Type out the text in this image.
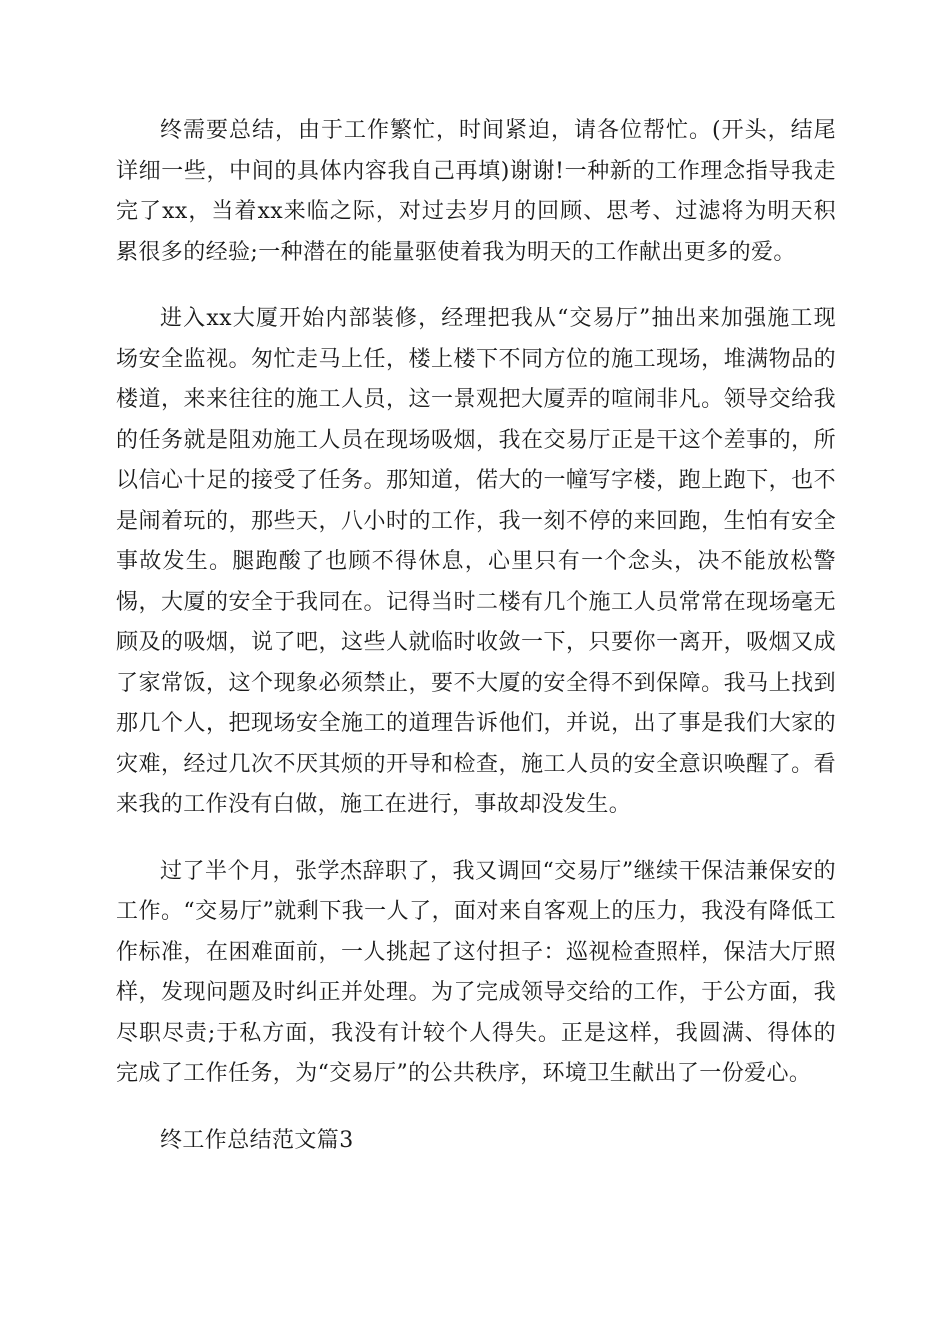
终需要总结，由于工作繁忙，时间紧迫，请各位帮忙。(开头，结尾详细一些，中间的具体内容我自己再填)谢谢!一种新的工作理念指导我走完了xx，当着xx来临之际，对过去岁月的回顾、思考、过滤将为明天积累很多的经验;一种潜在的能量驱使着我为明天的工作献出更多的爱。

进入xx大厦开始内部装修，经理把我从“交易厅”抽出来加强施工现场安全监视。匆忙走马上任，楼上楼下不同方位的施工现场，堆满物品的楼道，来来往往的施工人员，这一景观把大厦弄的喧闹非凡。领导交给我的任务就是阻劝施工人员在现场吸烟，我在交易厅正是干这个差事的，所以信心十足的接受了任务。那知道，偌大的一幢写字楼，跑上跑下，也不是闹着玩的，那些天，八小时的工作，我一刻不停的来回跑，生怕有安全事故发生。腿跑酸了也顾不得休息，心里只有一个念头，决不能放松警惕，大厦的安全于我同在。记得当时二楼有几个施工人员常常在现场毫无顾及的吸烟，说了吧，这些人就临时收敛一下，只要你一离开，吸烟又成了家常饭，这个现象必须禁止，要不大厦的安全得不到保障。我马上找到那几个人，把现场安全施工的道理告诉他们，并说，出了事是我们大家的灾难，经过几次不厌其烦的开导和检查，施工人员的安全意识唤醒了。看来我的工作没有白做，施工在进行，事故却没发生。

过了半个月，张学杰辞职了，我又调回“交易厅”继续干保洁兼保安的工作。“交易厅”就剩下我一人了，面对来自客观上的压力，我没有降低工作标准，在困难面前，一人挑起了这付担子：巡视检查照样，保洁大厅照样，发现问题及时纠正并处理。为了完成领导交给的工作，于公方面，我尽职尽责;于私方面，我没有计较个人得失。正是这样，我圆满、得体的完成了工作任务，为“交易厅”的公共秩序，环境卫生献出了一份爱心。

终工作总结范文篇3
